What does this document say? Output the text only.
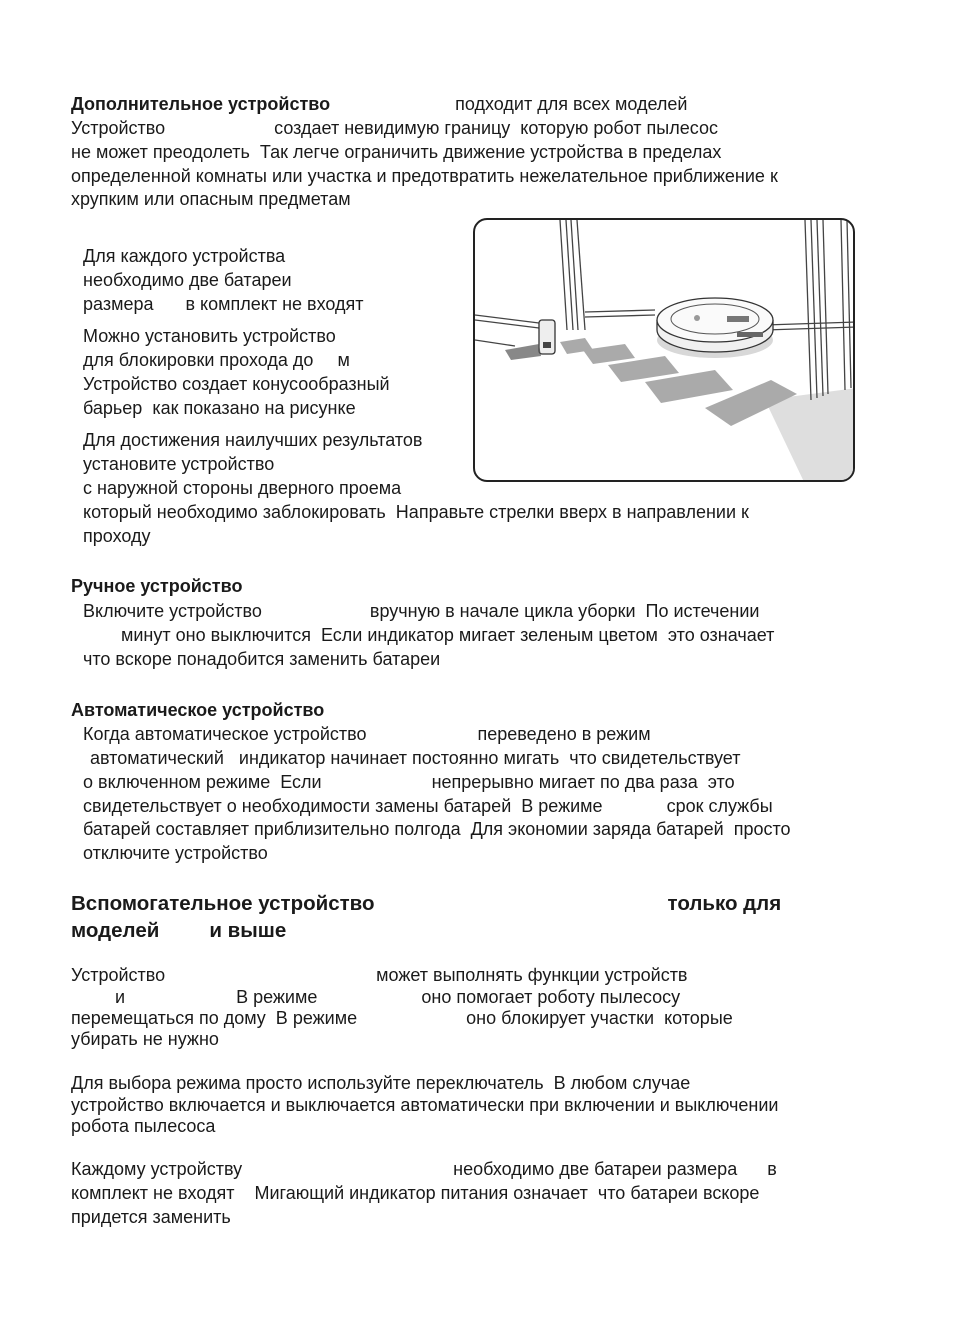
Дополнительное устройство	подходит для всех моделей
Устройство	создает невидимую границу  которую робот пылесос
не может преодолеть  Так легче ограничить движение устройства в пределах
определенной комнаты или участка и предотвратить нежелательное приближение к
хрупким или опасным предметам
Для каждого устройства
необходимо две батареи
размера в комплект не входят
Можно установить устройство
для блокировки прохода до м
Устройство создает конусообразный
барьер  как показано на рисунке
Для достижения наилучших результатов
установите устройство
с наружной стороны дверного проема
который необходимо заблокировать  Направьте стрелки вверх в направлении к
проходу
Ручное устройство
Включите устройство	вручную в начале цикла уборки  По истечении
минут оно выключится  Если индикатор мигает зеленым цветом  это означает
что вскоре понадобится заменить батареи
Автоматическое устройство
Когда автоматическое устройство	переведено в режим
автоматический   индикатор начинает постоянно мигать  что свидетельствует
о включенном режиме  Если	непрерывно мигает по два раза  это
свидетельствует о необходимости замены батарей  В режиме	срок службы
батарей составляет приблизительно полгода  Для экономии заряда батарей  просто
отключите устройство
Вспомогательное устройство	только для
моделей и выше
Устройство	может выполнять функции устройств
и	В режиме	оно помогает роботу пылесосу
перемещаться по дому  В режиме	оно блокирует участки  которые
убирать не нужно
Для выбора режима просто используйте переключатель  В любом случае
устройство включается и выключается автоматически при включении и выключении
робота пылесоса
Каждому устройству	необходимо две батареи размера в
комплект не входят    Мигающий индикатор питания означает  что батареи вскоре
придется заменить
